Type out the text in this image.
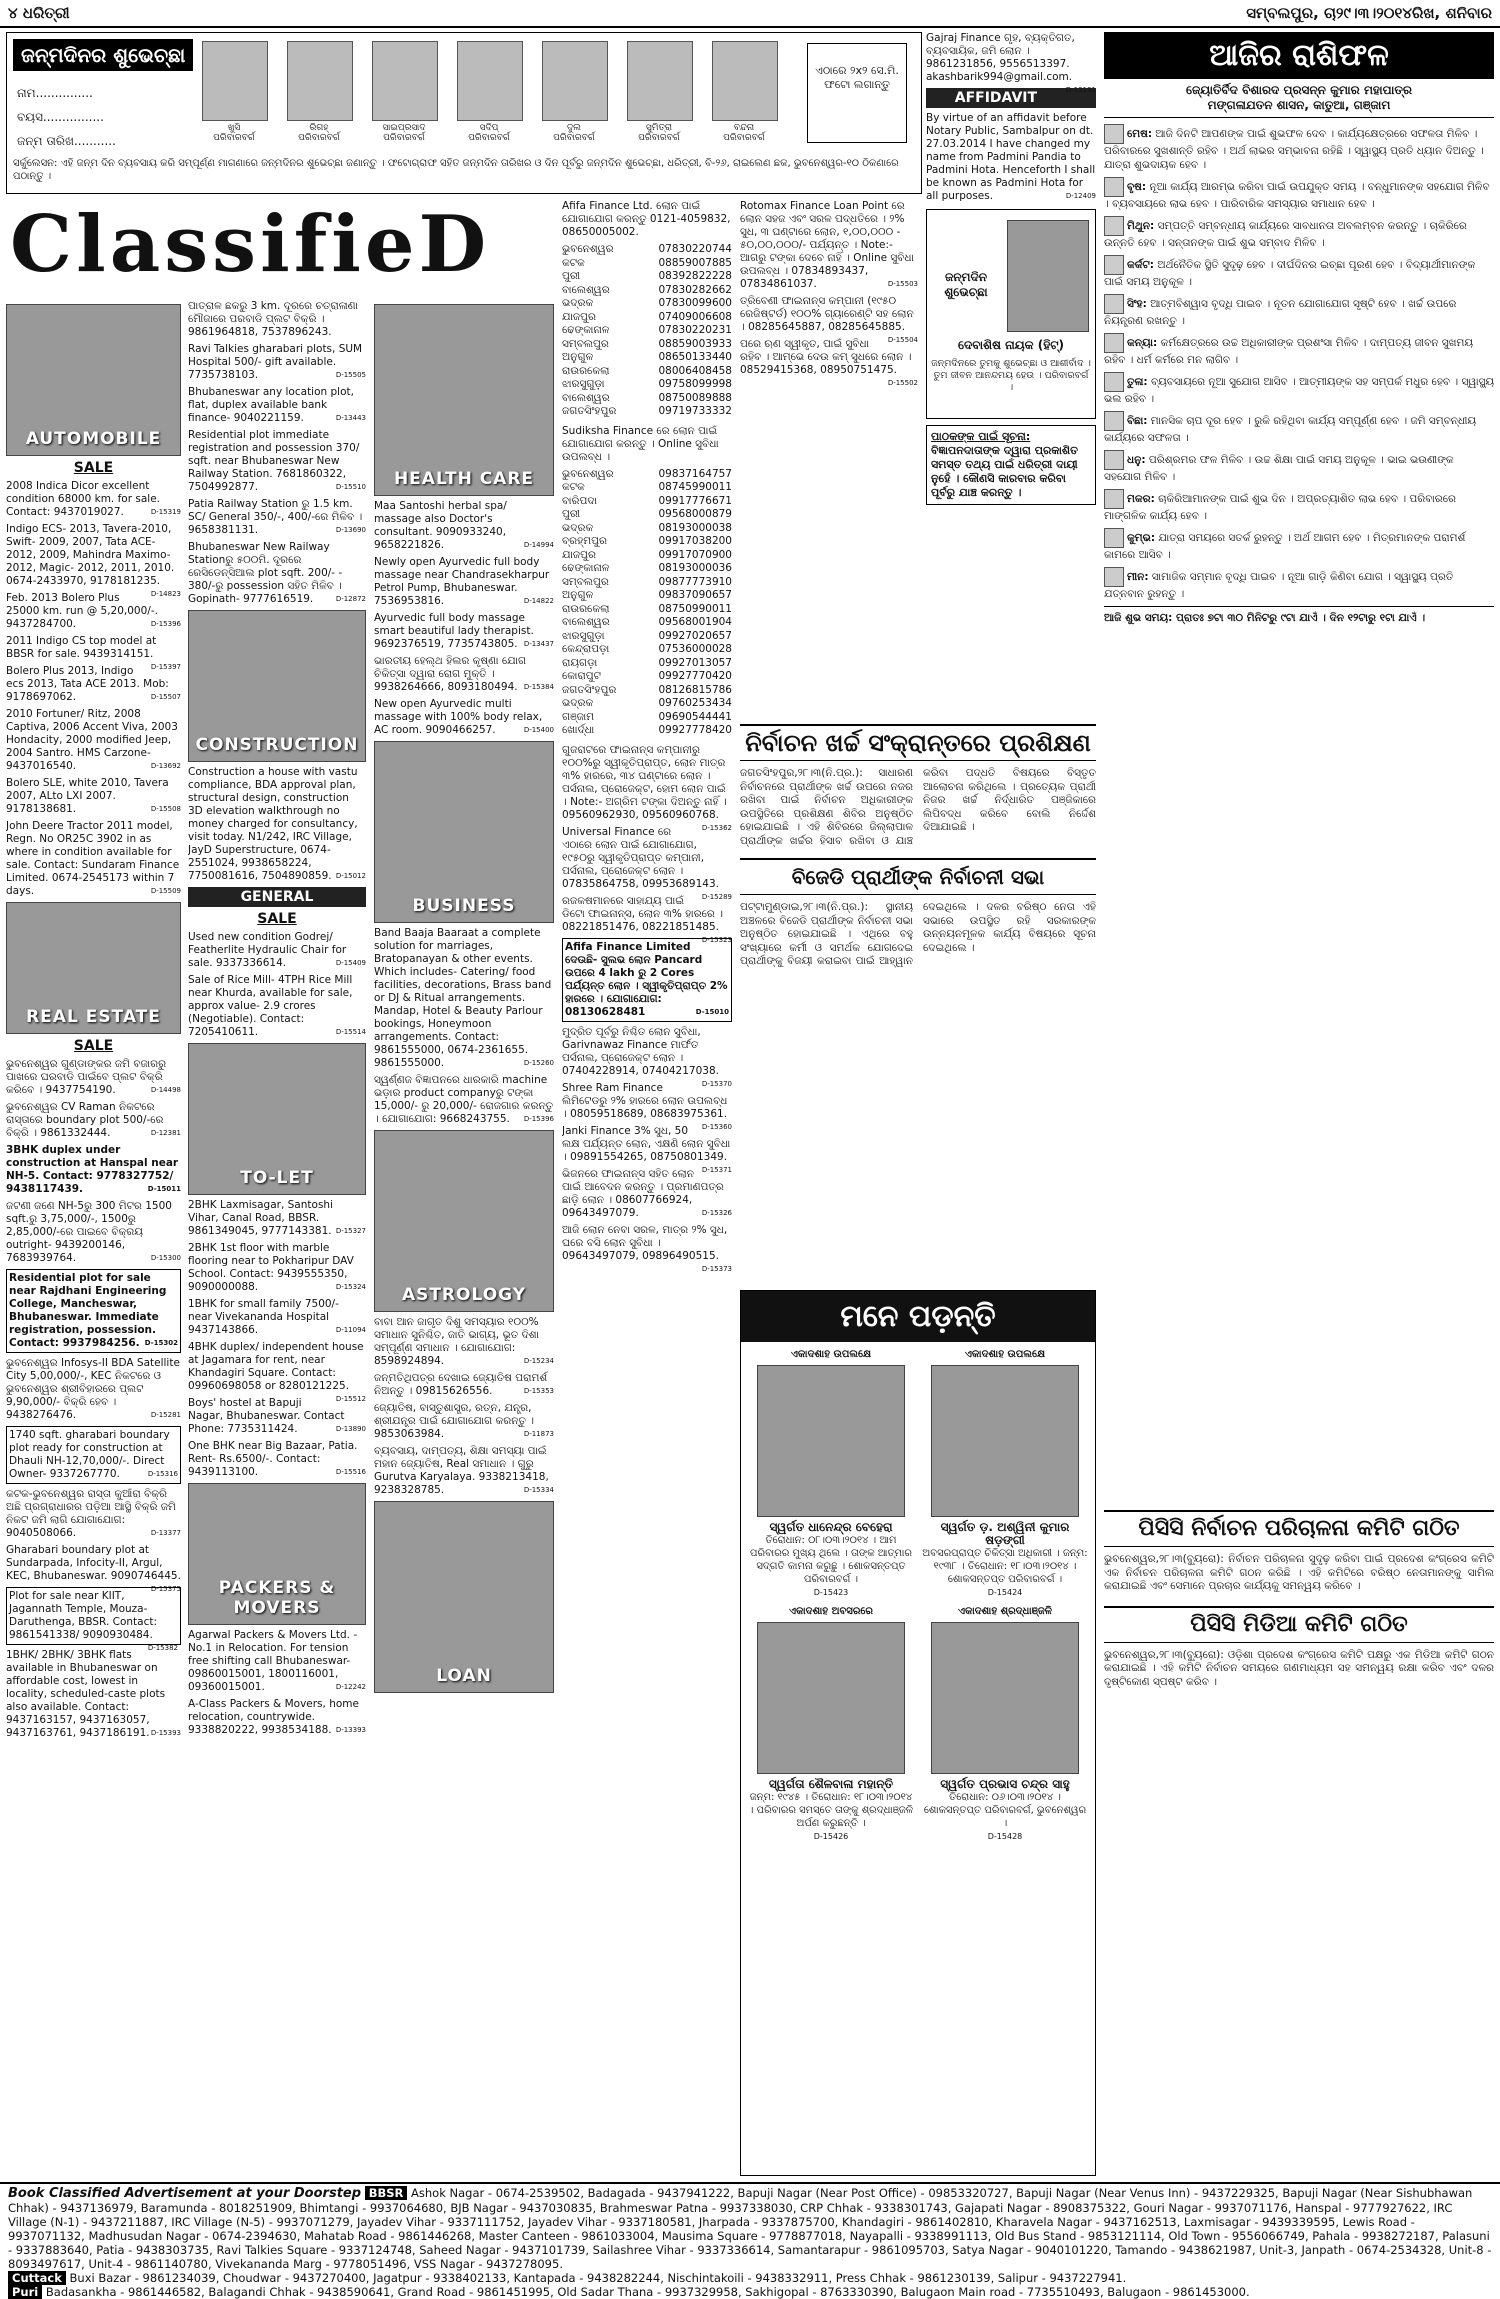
୪ ଧରିତ୍ରୀ	ସମ୍ବଲପୁର, ଚା୨୯।୩।୨୦୧୪ରିଖ, ଶନିବାର
ଜନ୍ମଦିନର ଶୁଭେଚ୍ଛା
ନାମ...............
ବୟସ................
ଜନ୍ମ ତାରିଖ...........
ଖୁସି
ପରିବାରବର୍ଗ
ରିଗହ୍
ପରିବାରବର୍ଗ
ସାଇପ୍ରସାଦ
ପରିବାରବର୍ଗ
ସଦିପ୍
ପରିବାରବର୍ଗ
ଦୁଲ
ପରିବାରବର୍ଗ
ସୁମିତ୍ରା
ପରିବାରବର୍ଗ
ବନ୍ଦନା
ପରିବାରବର୍ଗ
ଏଠାରେ ୨x୨ ସେ.ମି. ଫଟୋ ଲଗାନ୍ତୁ
ସର୍କୁଲେସନ: ଏହି ଜନ୍ମ ଦିନ ବ୍ୟବସାୟ କରି ସମ୍ପୂର୍ଣ୍ଣ ମାଗଣାରେ ଜନ୍ମଦିନର ଶୁଭେଚ୍ଛା ଜଣାନ୍ତୁ । ଫଟୋଗ୍ରାଫ ସହିତ ଜନ୍ମଦିନ ତାରିଖର ଓ ଦିନ ପୂର୍ବରୁ ଜନ୍ମଦିନ ଶୁଭେଚ୍ଛା, ଧରିତ୍ରୀ, ବି-୨୬, ରାଇଲେଣ ଛକ, ଭୁବନେଶ୍ୱର-୧୦ ଠିକଣାରେ ପଠାନ୍ତୁ ।
ClassifieD
AUTOMOBILE
SALE
2008 Indica Dicor excellent condition 68000 km. for sale. Contact: 9437019027.	D-15319
Indigo ECS- 2013, Tavera-2010, Swift- 2009, 2007, Tata ACE- 2012, 2009, Mahindra Maximo- 2012, Magic- 2012, 2011, 2010. 0674-2433970, 9178181235.
D-14823
Feb. 2013 Bolero Plus 25000 km. run @ 5,20,000/-. 9437284700.	D-15396
2011 Indigo CS top model at BBSR for sale. 9439314151.
D-15397
Bolero Plus 2013, Indigo ecs 2013, Tata ACE 2013. Mob: 9178697062.	D-15507
2010 Fortuner/ Ritz, 2008 Captiva, 2006 Accent Viva, 2003 Hondacity, 2000 modified Jeep, 2004 Santro. HMS Carzone- 9437016540.	D-13692
Bolero SLE, white 2010, Tavera 2007, ALto LXI 2007. 9178138681.	D-15508
John Deere Tractor 2011 model, Regn. No OR25C 3902 in as where in condition available for sale. Contact: Sundaram Finance Limited. 0674-2545173 within 7 days.	D-15509
REAL ESTATE
SALE
ଭୁବନେଶ୍ୱର ଗୁଣ୍ଡାଙ୍କର ଜମି ବଜାରରୁ ପାଖରେ ଘରବାଡି ପାଇଁବେ ପ୍ଲଟ ବିକ୍ରି କରିବେ । 9437754190.	D-14498
ଭୁବନେଶ୍ୱର CV Raman ନିକଟରେ ରାସ୍ତାରେ boundary plot 500/-ରେ ବିକ୍ରି । 9861332444.	D-12381
3BHK duplex under construction at Hanspal near NH-5. Contact: 9778327752/ 9438117439.	D-15011
ଜଟଣୀ ଜଣେ NH-5ରୁ 300 ମିଟର 1500 sqft.ରୁ 3,75,000/-, 1500ରୁ 2,85,000/-ରେ ପାଇବେ ବିକ୍ରୟ outright- 9439200146, 7683939764.	D-15300
Residential plot for sale near Rajdhani Engineering College, Mancheswar, Bhubaneswar. Immediate registration, possession. Contact: 9937984256. D-15302
ଭୁବନେଶ୍ୱର Infosys-II BDA Satellite City 5,00,000/-, KEC ନିକଟରେ ଓ ଭୁବନେଶ୍ୱର ଶ୍ରୀବିହାରରେ ପ୍ଲଟ 9,90,000/- ବିକ୍ରି ହେବ । 9438276476.	D-15281
1740 sqft. gharabari boundary plot ready for construction at Dhauli NH-12,70,000/-. Direct Owner- 9337267770.	D-15316
କଟକ-ଭୁବନେଶ୍ୱର ରାସ୍ତା କୁଆଁରା ବିକ୍ରି ଅଛି ପ୍ରଗ୍ରାଧାରର ପଡ଼ିଆ ଆସ୍ଥି ବିକ୍ରି ଜମି ନିକଟ ଜମି ଲାଗି ଯୋଗାଯୋଗ: 9040508066.	D-13377
Gharabari boundary plot at Sundarpada, Infocity-II, Argul, KEC, Bhubaneswar. 9090746445.
D-15375
Plot for sale near KIIT, Jagannath Temple, Mouza-Daruthenga, BBSR. Contact: 9861541338/ 9090930484.
D-15382
1BHK/ 2BHK/ 3BHK flats available in Bhubaneswar on affordable cost, lowest in locality, scheduled-caste plots also available. Contact: 9437163157, 9437163057, 9437163761, 9437186191. D-15393
ପାତ୍ରାଳ ଛକରୁ 3 km. ଦୂରରେ ଚତ୍ରାଳାଣା ମୌଜାରେ ପରବାଡି ପ୍ଲଟ ବିକ୍ରି । 9861964818, 7537896243.
Ravi Talkies gharabari plots, SUM Hospital 500/- gift available. 7735738103.	D-15505
Bhubaneswar any location plot, flat, duplex available bank finance- 9040221159.	D-13443
Residential plot immediate registration and possession 370/ sqft. near Bhubaneswar New Railway Station. 7681860322, 7504992877.	D-15510
Patia Railway Station ରୁ 1.5 km. SC/ General 350/-, 400/-ରେ ମିଳିବ । 9658381131.	D-13690
Bhubaneswar New Railway Stationରୁ ୫୦୦ମି. ଦୂରରେ ରେସିଡେନ୍ସିଆଲ plot sqft. 200/- - 380/-ରୁ possession ସହିତ ମିଳିବ । Gopinath- 9777616519.	D-12872
CONSTRUCTION
Construction a house with vastu compliance, BDA approval plan, structural design, construction 3D elevation walkthrough no money charged for consultancy, visit today. N1/242, IRC Village, JayD Superstructure, 0674-2551024, 9938658224, 7750081616, 7504890859. D-15012
GENERAL
SALE
Used new condition Godrej/ Featherlite Hydraulic Chair for sale. 9337336614.	D-15409
Sale of Rice Mill- 4TPH Rice Mill near Khurda, available for sale, approx value- 2.9 crores (Negotiable). Contact: 7205410611.	D-15514
TO-LET
2BHK Laxmisagar, Santoshi Vihar, Canal Road, BBSR. 9861349045, 9777143381. D-15327
2BHK 1st floor with marble flooring near to Pokharipur DAV School. Contact: 9439555350, 9090000088.	D-15324
1BHK for small family 7500/- near Vivekananda Hospital 9437143866.	D-11094
4BHK duplex/ independent house at Jagamara for rent, near Khandagiri Square. Contact: 09960698058 or 8280121225.
D-15512
Boys' hostel at Bapuji Nagar, Bhubaneswar. Contact Phone: 7735311424.	D-13890
One BHK near Big Bazaar, Patia. Rent- Rs.6500/-. Contact: 9439113100.	D-15516
PACKERS & MOVERS
Agarwal Packers & Movers Ltd. - No.1 in Relocation. For tension free shifting call Bhubaneswar- 09860015001, 1800116001, 09360015001.	D-12242
A-Class Packers & Movers, home relocation, countrywide. 9338820222, 9938534188. D-13393
HEALTH CARE
Maa Santoshi herbal spa/ massage also Doctor's consultant. 9090933240, 9658221826.	D-14994
Newly open Ayurvedic full body massage near Chandrasekharpur Petrol Pump, Bhubaneswar. 7536953816.	D-14822
Ayurvedic full body massage smart beautiful lady therapist. 9692376519, 7735743805. D-13437
ଭାରତୀୟ ହେଲ୍ଥ ହିଲର କୃଷ୍ଣା ଯୋଗ ଚିକିତ୍ସା ଦ୍ୱାରା ରୋଗ ମୁକ୍ତି । 9938264666, 8093180494. D-15384
New open Ayurvedic multi massage with 100% body relax, AC room. 9090466257.	D-15400
BUSINESS
Band Baaja Baaraat a complete solution for marriages, Bratopanayan & other events. Which includes- Catering/ food facilities, decorations, Brass band or DJ & Ritual arrangements. Mandap, Hotel & Beauty Parlour bookings, Honeymoon arrangements. Contact: 9861555000, 0674-2361655. 9861555000.	D-15260
ସ୍ୱର୍ଣ୍ଣଜ ବିଜ୍ଞାପନରେ ଧାରକାରି machine ଭଡ଼ାର product companyରୁ ଟଙ୍କା 15,000/- ରୁ 20,000/- ରୋଜଗାର କରନ୍ତୁ । ଯୋଗାଯୋଗ: 9668243755. D-15396
ASTROLOGY
ବାବା ଆନ ଜାଗୃତ ଦିଶୁ ସମସ୍ୟାର ୧୦୦% ସମାଧାନ ସୁନିଶ୍ଚିତ, ଜାତି ଭାଗ୍ୟ, ଭୂତ ଦିଶା ସମ୍ପୂର୍ଣ୍ଣ ସମାଧାନ । ଯୋଗାଯୋଗ: 8598924894.	D-15234
ଜନ୍ମତିଥିପତ୍ର ଦେଖାଇ ଜ୍ୟୋତିଷ ପରାମର୍ଶ ନିଅନ୍ତୁ । 09815626556.	D-15353
ଜ୍ୟୋତିଷ, ବାସ୍ତୁଶାସ୍ତ୍ର, ରତ୍ନ, ଯନ୍ତ୍ର, ଶ୍ରୀଯନ୍ତ୍ର ପାଇଁ ଯୋଗାଯୋଗ କରନ୍ତୁ । 9853063984.	D-11873
ବ୍ୟବସାୟ, ଦାମ୍ପତ୍ୟ, ଶିକ୍ଷା ସମସ୍ୟା ପାଇଁ ମହାନ ଜ୍ୟୋତିଷ, Real ସମାଧାନ । ଗୁରୁ Gurutva Karyalaya. 9338213418, 9238328785.	D-15334
LOAN
Afifa Finance Ltd. ଲୋନ ପାଇଁ ଯୋଗାଯୋଗ କରନ୍ତୁ 0121-4059832, 08650005002.
ଭୁବନେଶ୍ୱର	07830220744
କଟକ	08859007885
ପୁରୀ	08392822228
ବାଲେଶ୍ୱର	07830282662
ଭଦ୍ରକ	07830099600
ଯାଜପୁର	07409006608
ଢେଙ୍କାନାଳ	07830220231
ସମ୍ବଲପୁର	08859003933
ଅନୁଗୁଳ	08650133440
ରାଉରକେଲା	08006408458
ଝାରସୁଗୁଡ଼ା	09758099998
ବାଲେଶ୍ୱର	08750089888
ଜଗତସିଂହପୁର	09719733332
Sudiksha Finance ରେ ଲୋନ ପାଇଁ ଯୋଗାଯୋଗ କରନ୍ତୁ । Online ସୁବିଧା ଉପଲବ୍ଧ ।
ଭୁବନେଶ୍ୱର	09837164757
କଟକ	08745990011
ବାରିପଦା	09917776671
ପୁରୀ	09568000879
ଭଦ୍ରକ	08193000038
ବ୍ରହ୍ମପୁର	09917038200
ଯାଜପୁର	09917070900
ଢେଙ୍କାନାଳ	08193000036
ସମ୍ବଲପୁର	09877773910
ଅନୁଗୁଳ	09837090657
ରାଉରକେଲା	08750990011
ବାଲେଶ୍ୱର	09568001904
ଝାରସୁଗୁଡ଼ା	09927020657
କେନ୍ଦ୍ରାପଡ଼ା	07536000028
ରାୟଗଡ଼ା	09927013057
କୋରାପୁଟ	09927770420
ଜଗତସିଂହପୁର	08126815786
ଭଦ୍ରକ	09760253434
ଗଞ୍ଜାମ	09690544441
ଖୋର୍ଦ୍ଧା	09927778420
ଗୁଜରାଟରେ ଫାଇନାନ୍ସ କମ୍ପାନୀରୁ ୧୦୦%ରୁ ସ୍ୱୀକୃତିପ୍ରାପ୍ତ, ଲୋନ ମାତ୍ର ୩% ହାରରେ, ୩୪ ଘଣ୍ଟାରେ ଲୋନ । ପର୍ସନାଲ, ପ୍ରୋଜେକ୍ଟ, ହୋମ ଲୋନ ପାଇଁ । Note:- ଅଗ୍ରିମ ଟଙ୍କା ଦିଅନ୍ତୁ ନାହିଁ । 09560962930, 09560960768.
D-15362
Universal Finance ରେ ଏଠାରେ ଲୋନ ପାଇଁ ଯୋଗାଯୋଗ, ୧୯୫୦ରୁ ସ୍ୱୀକୃତିପ୍ରାପ୍ତ କମ୍ପାନୀ, ପର୍ସନାଲ, ପ୍ରୋଜେକ୍ଟ ଲୋନ । 07835864758, 09953689143.
D-15289
ରଜକଷମାନରେ ସାହାଯ୍ୟ ପାଇଁ ଡିଟୋ ଫାଇନାନ୍ସ, ଲୋନ ୩% ହାରରେ । 08221851476, 08221851485.
D-15323
Afifa Finance Limited ଦେଉଛି- ସୁଲଭ ଲୋନ Pancard ଉପରେ 4 lakh ରୁ 2 Cores ପର୍ଯ୍ୟନ୍ତ ଲୋନ । ସ୍ୱୀକୃତିପ୍ରାପ୍ତ 2% ହାରରେ । ଯୋଗାଯୋଗ: 08130628481	D-15010
ମୁଦ୍ରିତ ପୂର୍ବରୁ ନିଶ୍ଚିତ ଲୋନ ସୁବିଧା, Garivnawaz Finance ମାର୍ଫତ ପର୍ସନାଲ, ପ୍ରୋଜେକ୍ଟ ଲୋନ । 07404228914, 07404217038.
D-15370
Shree Ram Finance ଲିମିଟେଡରୁ ୨% ହାରରେ ଲୋନ ଉପଲବ୍ଧ । 08059518689, 08683975361.
D-15360
Janki Finance 3% ସୁଧ, 50 ଲକ୍ଷ ପର୍ଯ୍ୟନ୍ତ ଲୋନ, ଏକ୍ଷଣି ଲୋନ ସୁବିଧା । 09891554265, 08750801349.
D-15371
ଭିଜନରେ ଫାଇନାନ୍ସ ସହିତ ଲୋନ ପାଇଁ ଆବେଦନ କରନ୍ତୁ । ପ୍ରମାଣପତ୍ର ଛାଡ଼ି ଲୋନ । 08607766924, 09643497079.	D-15326
ଆଜି ଲୋନ ନେବା ସରଳ, ମାତ୍ର ୨% ସୁଧ, ଘରେ ବସି ଲୋନ ସୁବିଧା । 09643497079, 09896490515.
D-15373
Rotomax Finance Loan Point ରେ ଲୋନ ସହଜ ଏବଂ ସରଳ ପଦ୍ଧତିରେ । ୨% ସୁଧ, ୩ ଘଣ୍ଟାରେ ଲୋନ, ୧,୦୦,୦୦୦ - ୫୦,୦୦,୦୦୦/- ପର୍ଯ୍ୟନ୍ତ । Note:- ଆଗରୁ ଟଙ୍କା ଦେବେ ନାହିଁ । Online ସୁବିଧା ଉପଲବ୍ଧ । 07834893437, 07834861037.	D-15503
ତ୍ରିବେଣୀ ଫାଇନାନ୍ସ କମ୍ପାନୀ (୧୯୫୦ ରେଜିଷ୍ଟର୍ଡ) ୧୦୦% ଗ୍ୟାରେଣ୍ଟି ସହ ଲୋନ । 08285645887, 08285645885.
D-15504
ପରେ ଋଣ ସ୍ୱୀକୃତ, ପାଇଁ ସୁବିଧା ରହିବ । ଆମ୍ଭେ ଦେଉ କମ୍ ସୁଧରେ ଲୋନ । 08529415368, 08950751475.
D-15502
Gajraj Finance ଗୃହ, ବ୍ୟକ୍ତିଗତ, ବ୍ୟବସାୟିକ, ଜମି ଲୋନ । 9861231856, 9556513397. akashbarik994@gmail.com.
D-13191
AFFIDAVIT
By virtue of an affidavit before Notary Public, Sambalpur on dt. 27.03.2014 I have changed my name from Padmini Pandia to Padmini Hota. Henceforth I shall be known as Padmini Hota for all purposes.	D-12409
ଜନ୍ମଦିନ ଶୁଭେଚ୍ଛା
ଦେବାଶିଷ ନାୟକ (ହିଟ୍)
ଜନ୍ମଦିନରେ ତୁମକୁ ଶୁଭେଚ୍ଛା ଓ ଆଶୀର୍ବାଦ । ତୁମ ଜୀବନ ଆନନ୍ଦମୟ ହେଉ । ପରିବାରବର୍ଗ ।
ପାଠକଙ୍କ ପାଇଁ ସୂଚନା:
ବିଜ୍ଞାପନଦାତାଙ୍କ ଦ୍ୱାରା ପ୍ରକାଶିତ ସମସ୍ତ ତଥ୍ୟ ପାଇଁ ଧରିତ୍ରୀ ଦାୟୀ ନୁହେଁ । କୌଣସି କାରବାର କରିବା ପୂର୍ବରୁ ଯାଞ୍ଚ କରନ୍ତୁ ।
ନିର୍ବାଚନ ଖର୍ଚ୍ଚ ସଂକ୍ରାନ୍ତରେ ପ୍ରଶିକ୍ଷଣ
ଜଗତସିଂହପୁର,୨୮।୩(ନି.ପ୍ର.): ସାଧାରଣ ନିର୍ବାଚନରେ ପ୍ରାର୍ଥୀଙ୍କ ଖର୍ଚ୍ଚ ଉପରେ ନଜର ରଖିବା ପାଇଁ ନିର୍ବାଚନ ଅଧିକାରୀଙ୍କ ଉପସ୍ଥିତିରେ ପ୍ରଶିକ୍ଷଣ ଶିବିର ଅନୁଷ୍ଠିତ ହୋଇଯାଇଛି । ଏହି ଶିବିରରେ ଜିଲ୍ଲାପାଳ ପ୍ରାର୍ଥୀଙ୍କ ଖର୍ଚ୍ଚର ହିସାବ ରଖିବା ଓ ଯାଞ୍ଚ କରିବା ପଦ୍ଧତି ବିଷୟରେ ବିସ୍ତୃତ ଆଲୋଚନା କରିଥିଲେ । ପ୍ରତ୍ୟେକ ପ୍ରାର୍ଥୀ ନିଜର ଖର୍ଚ୍ଚ ନିର୍ଦ୍ଧାରିତ ପଞ୍ଜିକାରେ ଲିପିବଦ୍ଧ କରିବେ ବୋଲି ନିର୍ଦ୍ଦେଶ ଦିଆଯାଇଛି ।
ବିଜେଡି ପ୍ରାର୍ଥୀଙ୍କ ନିର୍ବାଚନୀ ସଭା
ପଟ୍ଟାମୁଣ୍ଡାଇ,୨୮।୩(ନି.ପ୍ର.): ସ୍ଥାନୀୟ ଅଞ୍ଚଳରେ ବିଜେଡି ପ୍ରାର୍ଥୀଙ୍କ ନିର୍ବାଚନୀ ସଭା ଅନୁଷ୍ଠିତ ହୋଇଯାଇଛି । ଏଥିରେ ବହୁ ସଂଖ୍ୟାରେ କର୍ମୀ ଓ ସମର୍ଥକ ଯୋଗଦେଇ ପ୍ରାର୍ଥୀଙ୍କୁ ବିଜୟୀ କରାଇବା ପାଇଁ ଆହ୍ୱାନ ଦେଇଥିଲେ । ଦଳର ବରିଷ୍ଠ ନେତା ଏହି ସଭାରେ ଉପସ୍ଥିତ ରହି ସରକାରଙ୍କ ଉନ୍ନୟନମୂଳକ କାର୍ଯ୍ୟ ବିଷୟରେ ସୂଚନା ଦେଇଥିଲେ ।
ମନେ ପଡ଼ନ୍ତି
ଏକାଦଶାହ ଉପଲକ୍ଷେ
ସ୍ୱର୍ଗତ ଧାନେନ୍ଦ୍ର ବେହେରା
ତିରୋଧାନ: ୦୮।୦୩।୨୦୧୪ । ଆମ ପରିବାରର ମୁଖ୍ୟ ଥିଲେ । ତାଙ୍କ ଆତ୍ମାର ସଦ୍‌ଗତି କାମନା କରୁଛୁ । ଶୋକସନ୍ତପ୍ତ ପରିବାରବର୍ଗ ।
D-15423
ଏକାଦଶାହ ଉପଲକ୍ଷେ
ସ୍ୱର୍ଗତ ଡ଼. ଅଶ୍ୱିନୀ କୁମାର ଷଡ଼ଙ୍ଗୀ
ଅବସରପ୍ରାପ୍ତ ଚିକିତ୍ସା ଅଧିକାରୀ । ଜନ୍ମ: ୧୯୩୮ । ତିରୋଧାନ: ୧୮।୦୩।୨୦୧୪ । ଶୋକସନ୍ତପ୍ତ ପରିବାରବର୍ଗ ।
D-15424
ଏକାଦଶାହ ଅବସରରେ
ସ୍ୱର୍ଗତା ଶୈଳବାଳା ମହାନ୍ତି
ଜନ୍ମ: ୧୯୪୫ । ତିରୋଧାନ: ୧୮।୦୩।୨୦୧୪ । ପରିବାରର ସମସ୍ତେ ତାଙ୍କୁ ଶ୍ରଦ୍ଧାଞ୍ଜଳି ଅର୍ପଣ କରୁଛନ୍ତି ।
D-15426
ଏକାଦଶାହ ଶ୍ରଦ୍ଧାଞ୍ଜଳି
ସ୍ୱର୍ଗତ ପ୍ରଭାସ ଚନ୍ଦ୍ର ସାହୁ
ତିରୋଧାନ: ୦୬।୦୩।୨୦୧୪ । ଶୋକସନ୍ତପ୍ତ ପରିବାରବର୍ଗ, ଭୁବନେଶ୍ୱର ।
D-15428
ଆଜିର ରାଶିଫଳ
ଜ୍ୟୋତିର୍ବିଦ ବିଶାରଦ ପ୍ରସନ୍ନ କୁମାର ମହାପାତ୍ର
ମଙ୍ଗଳାଯତନ ଶାସନ, କାତୁଆ, ଗଞ୍ଜାମ
ମେଷ: ଆଜି ଦିନଟି ଆପଣଙ୍କ ପାଇଁ ଶୁଭଫଳ ଦେବ । କାର୍ଯ୍ୟକ୍ଷେତ୍ରରେ ସଫଳତା ମିଳିବ । ପରିବାରରେ ସୁଖଶାନ୍ତି ରହିବ । ଅର୍ଥ ଲାଭର ସମ୍ଭାବନା ରହିଛି । ସ୍ୱାସ୍ଥ୍ୟ ପ୍ରତି ଧ୍ୟାନ ଦିଅନ୍ତୁ । ଯାତ୍ରା ଶୁଭଦାୟକ ହେବ ।
ବୃଷ: ନୂଆ କାର୍ଯ୍ୟ ଆରମ୍ଭ କରିବା ପାଇଁ ଉପଯୁକ୍ତ ସମୟ । ବନ୍ଧୁମାନଙ୍କ ସହଯୋଗ ମିଳିବ । ବ୍ୟବସାୟରେ ଲାଭ ହେବ । ପାରିବାରିକ ସମସ୍ୟାର ସମାଧାନ ହେବ ।
ମିଥୁନ: ସମ୍ପତ୍ତି ସମ୍ବନ୍ଧୀୟ କାର୍ଯ୍ୟରେ ସାବଧାନତା ଅବଲମ୍ବନ କରନ୍ତୁ । ଚାକିରିରେ ଉନ୍ନତି ହେବ । ସନ୍ତାନଙ୍କ ପାଇଁ ଶୁଭ ସମ୍ବାଦ ମିଳିବ ।
କର୍କଟ: ଅର୍ଥନୈତିକ ସ୍ଥିତି ସୁଦୃଢ଼ ହେବ । ଦୀର୍ଘଦିନର ଇଚ୍ଛା ପୂରଣ ହେବ । ବିଦ୍ୟାର୍ଥୀମାନଙ୍କ ପାଇଁ ସମୟ ଅନୁକୂଳ ।
ସିଂହ: ଆତ୍ମବିଶ୍ୱାସ ବୃଦ୍ଧି ପାଇବ । ନୂତନ ଯୋଗାଯୋଗ ସୃଷ୍ଟି ହେବ । ଖର୍ଚ୍ଚ ଉପରେ ନିୟନ୍ତ୍ରଣ ରଖନ୍ତୁ ।
କନ୍ୟା: କର୍ମକ୍ଷେତ୍ରରେ ଉଚ୍ଚ ଅଧିକାରୀଙ୍କ ପ୍ରଶଂସା ମିଳିବ । ଦାମ୍ପତ୍ୟ ଜୀବନ ସୁଖମୟ ରହିବ । ଧର୍ମ କର୍ମରେ ମନ ଲାଗିବ ।
ତୁଳା: ବ୍ୟବସାୟରେ ନୂଆ ସୁଯୋଗ ଆସିବ । ଆତ୍ମୀୟଙ୍କ ସହ ସମ୍ପର୍କ ମଧୁର ହେବ । ସ୍ୱାସ୍ଥ୍ୟ ଭଲ ରହିବ ।
ବିଛା: ମାନସିକ ଚାପ ଦୂର ହେବ । ରୁକି ରହିଥିବା କାର୍ଯ୍ୟ ସମ୍ପୂର୍ଣ୍ଣ ହେବ । ଜମି ସମ୍ବନ୍ଧୀୟ କାର୍ଯ୍ୟରେ ସଫଳତା ।
ଧନୁ: ପରିଶ୍ରମର ଫଳ ମିଳିବ । ଉଚ୍ଚ ଶିକ୍ଷା ପାଇଁ ସମୟ ଅନୁକୂଳ । ଭାଇ ଭଉଣୀଙ୍କ ସହଯୋଗ ମିଳିବ ।
ମକର: ଚାକିରିଆମାନଙ୍କ ପାଇଁ ଶୁଭ ଦିନ । ଅପ୍ରତ୍ୟାଶିତ ଲାଭ ହେବ । ପରିବାରରେ ମାଙ୍ଗଳିକ କାର୍ଯ୍ୟ ହେବ ।
କୁମ୍ଭ: ଯାତ୍ରା ସମୟରେ ସତର୍କ ରୁହନ୍ତୁ । ଅର୍ଥ ଆଗମ ହେବ । ମିତ୍ରମାନଙ୍କ ପରାମର୍ଶ କାମରେ ଆସିବ ।
ମୀନ: ସାମାଜିକ ସମ୍ମାନ ବୃଦ୍ଧି ପାଇବ । ନୂଆ ଗାଡ଼ି କିଣିବା ଯୋଗ । ସ୍ୱାସ୍ଥ୍ୟ ପ୍ରତି ଯତ୍ନବାନ ରୁହନ୍ତୁ ।
ଆଜି ଶୁଭ ସମୟ: ପ୍ରାତଃ ୭ଟା ୩୦ ମିନିଟରୁ ୯ଟା ଯାଏଁ । ଦିନ ୧୨ଟାରୁ ୧ଟା ଯାଏଁ ।
ପିସିସି ନିର୍ବାଚନ ପରିଚାଳନା କମିଟି ଗଠିତ
ଭୁବନେଶ୍ୱର,୨୮।୩(ବ୍ୟୁରୋ): ନିର୍ବାଚନ ପରିଚାଳନା ସୁଦୃଢ଼ କରିବା ପାଇଁ ପ୍ରଦେଶ କଂଗ୍ରେସ କମିଟି ଏକ ନିର୍ବାଚନ ପରିଚାଳନା କମିଟି ଗଠନ କରିଛି । ଏହି କମିଟିରେ ବରିଷ୍ଠ ନେତାମାନଙ୍କୁ ସାମିଲ କରାଯାଇଛି ଏବଂ ସେମାନେ ପ୍ରଚାର କାର୍ଯ୍ୟକୁ ସମନ୍ୱୟ କରିବେ ।
ପିସିସି ମିଡିଆ କମିଟି ଗଠିତ
ଭୁବନେଶ୍ୱର,୨୮।୩(ବ୍ୟୁରୋ): ଓଡ଼ିଶା ପ୍ରଦେଶ କଂଗ୍ରେସ କମିଟି ପକ୍ଷରୁ ଏକ ମିଡିଆ କମିଟି ଗଠନ କରାଯାଇଛି । ଏହି କମିଟି ନିର୍ବାଚନ ସମୟରେ ଗଣମାଧ୍ୟମ ସହ ସମନ୍ୱୟ ରକ୍ଷା କରିବ ଏବଂ ଦଳର ଦୃଷ୍ଟିକୋଣ ସ୍ପଷ୍ଟ କରିବ ।
Book Classified Advertisement at your Doorstep BBSR Ashok Nagar - 0674-2539502, Badagada - 9437941222, Bapuji Nagar (Near Post Office) - 09853320727, Bapuji Nagar (Near Venus Inn) - 9437229325, Bapuji Nagar (Near Sishubhawan Chhak) - 9437136979, Baramunda - 8018251909, Bhimtangi - 9937064680, BJB Nagar - 9437030835, Brahmeswar Patna - 9937338030, CRP Chhak - 9338301743, Gajapati Nagar - 8908375322, Gouri Nagar - 9937071176, Hanspal - 9777927622, IRC Village (N-1) - 9437211887, IRC Village (N-5) - 9937071279, Jayadev Vihar - 9337111752, Jayadev Vihar - 9337180581, Jharpada - 9337875700, Khandagiri - 9861402810, Kharavela Nagar - 9437162513, Laxmisagar - 9439339595, Lewis Road - 9937071132, Madhusudan Nagar - 0674-2394630, Mahatab Road - 9861446268, Master Canteen - 9861033004, Mausima Square - 9778877018, Nayapalli - 9338991113, Old Bus Stand - 9853121114, Old Town - 9556066749, Pahala - 9938272187, Palasuni - 9337883640, Patia - 9438303735, Ravi Talkies Square - 9337124748, Saheed Nagar - 9437101739, Sailashree Vihar - 9337336614, Samantarapur - 9861095703, Satya Nagar - 9040101220, Tamando - 9438621987, Unit-3, Janpath - 0674-2534328, Unit-8 - 8093497617, Unit-4 - 9861140780, Vivekananda Marg - 9778051496, VSS Nagar - 9437278095.
Cuttack Buxi Bazar - 9861234039, Choudwar - 9437270400, Jagatpur - 9338402133, Kantapada - 9438282244, Nischintakoili - 9438332911, Press Chhak - 9861230139, Salipur - 9437227941.
Puri Badasankha - 9861446582, Balagandi Chhak - 9438590641, Grand Road - 9861451995, Old Sadar Thana - 9937329958, Sakhigopal - 8763330390, Balugaon Main road - 7735510493, Balugaon - 9861453000.
